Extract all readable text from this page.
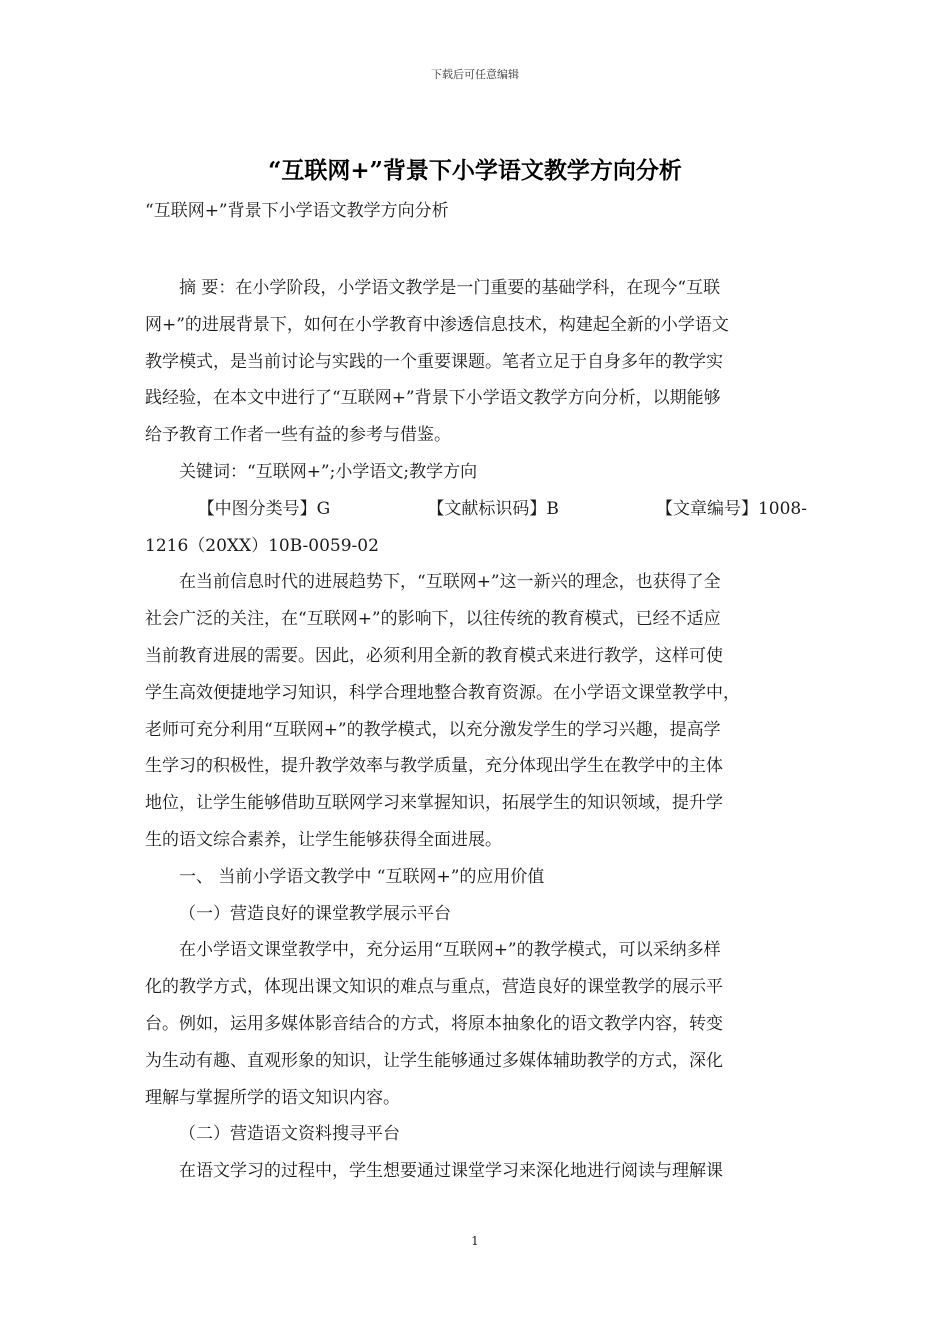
下载后可任意编辑
“互联网+”背景下小学语文教学方向分析
“互联网+”背景下小学语文教学方向分析

摘 要：在小学阶段，小学语文教学是一门重要的基础学科，在现今“互联
网+”的进展背景下，如何在小学教育中渗透信息技术，构建起全新的小学语文
教学模式，是当前讨论与实践的一个重要课题。笔者立足于自身多年的教学实
践经验，在本文中进行了“互联网+”背景下小学语文教学方向分析，以期能够
给予教育工作者一些有益的参考与借鉴。

关键词：“互联网+”;小学语文;教学方向

【中图分类号】G	【文献标识码】B	【文章编号】1008-

1216（20XX）10B-0059-02

在当前信息时代的进展趋势下，“互联网+”这一新兴的理念，也获得了全
社会广泛的关注，在“互联网+”的影响下，以往传统的教育模式，已经不适应
当前教育进展的需要。因此，必须利用全新的教育模式来进行教学，这样可使
学生高效便捷地学习知识，科学合理地整合教育资源。在小学语文课堂教学中，
老师可充分利用“互联网+”的教学模式，以充分激发学生的学习兴趣，提高学
生学习的积极性，提升教学效率与教学质量，充分体现出学生在教学中的主体
地位，让学生能够借助互联网学习来掌握知识，拓展学生的知识领域，提升学
生的语文综合素养，让学生能够获得全面进展。

一、 当前小学语文教学中 “互联网+”的应用价值

（一）营造良好的课堂教学展示平台

在小学语文课堂教学中，充分运用“互联网+”的教学模式，可以采纳多样
化的教学方式，体现出课文知识的难点与重点，营造良好的课堂教学的展示平
台。例如，运用多媒体影音结合的方式，将原本抽象化的语文教学内容，转变
为生动有趣、直观形象的知识，让学生能够通过多媒体辅助教学的方式，深化
理解与掌握所学的语文知识内容。

（二）营造语文资料搜寻平台

在语文学习的过程中，学生想要通过课堂学习来深化地进行阅读与理解课

1
